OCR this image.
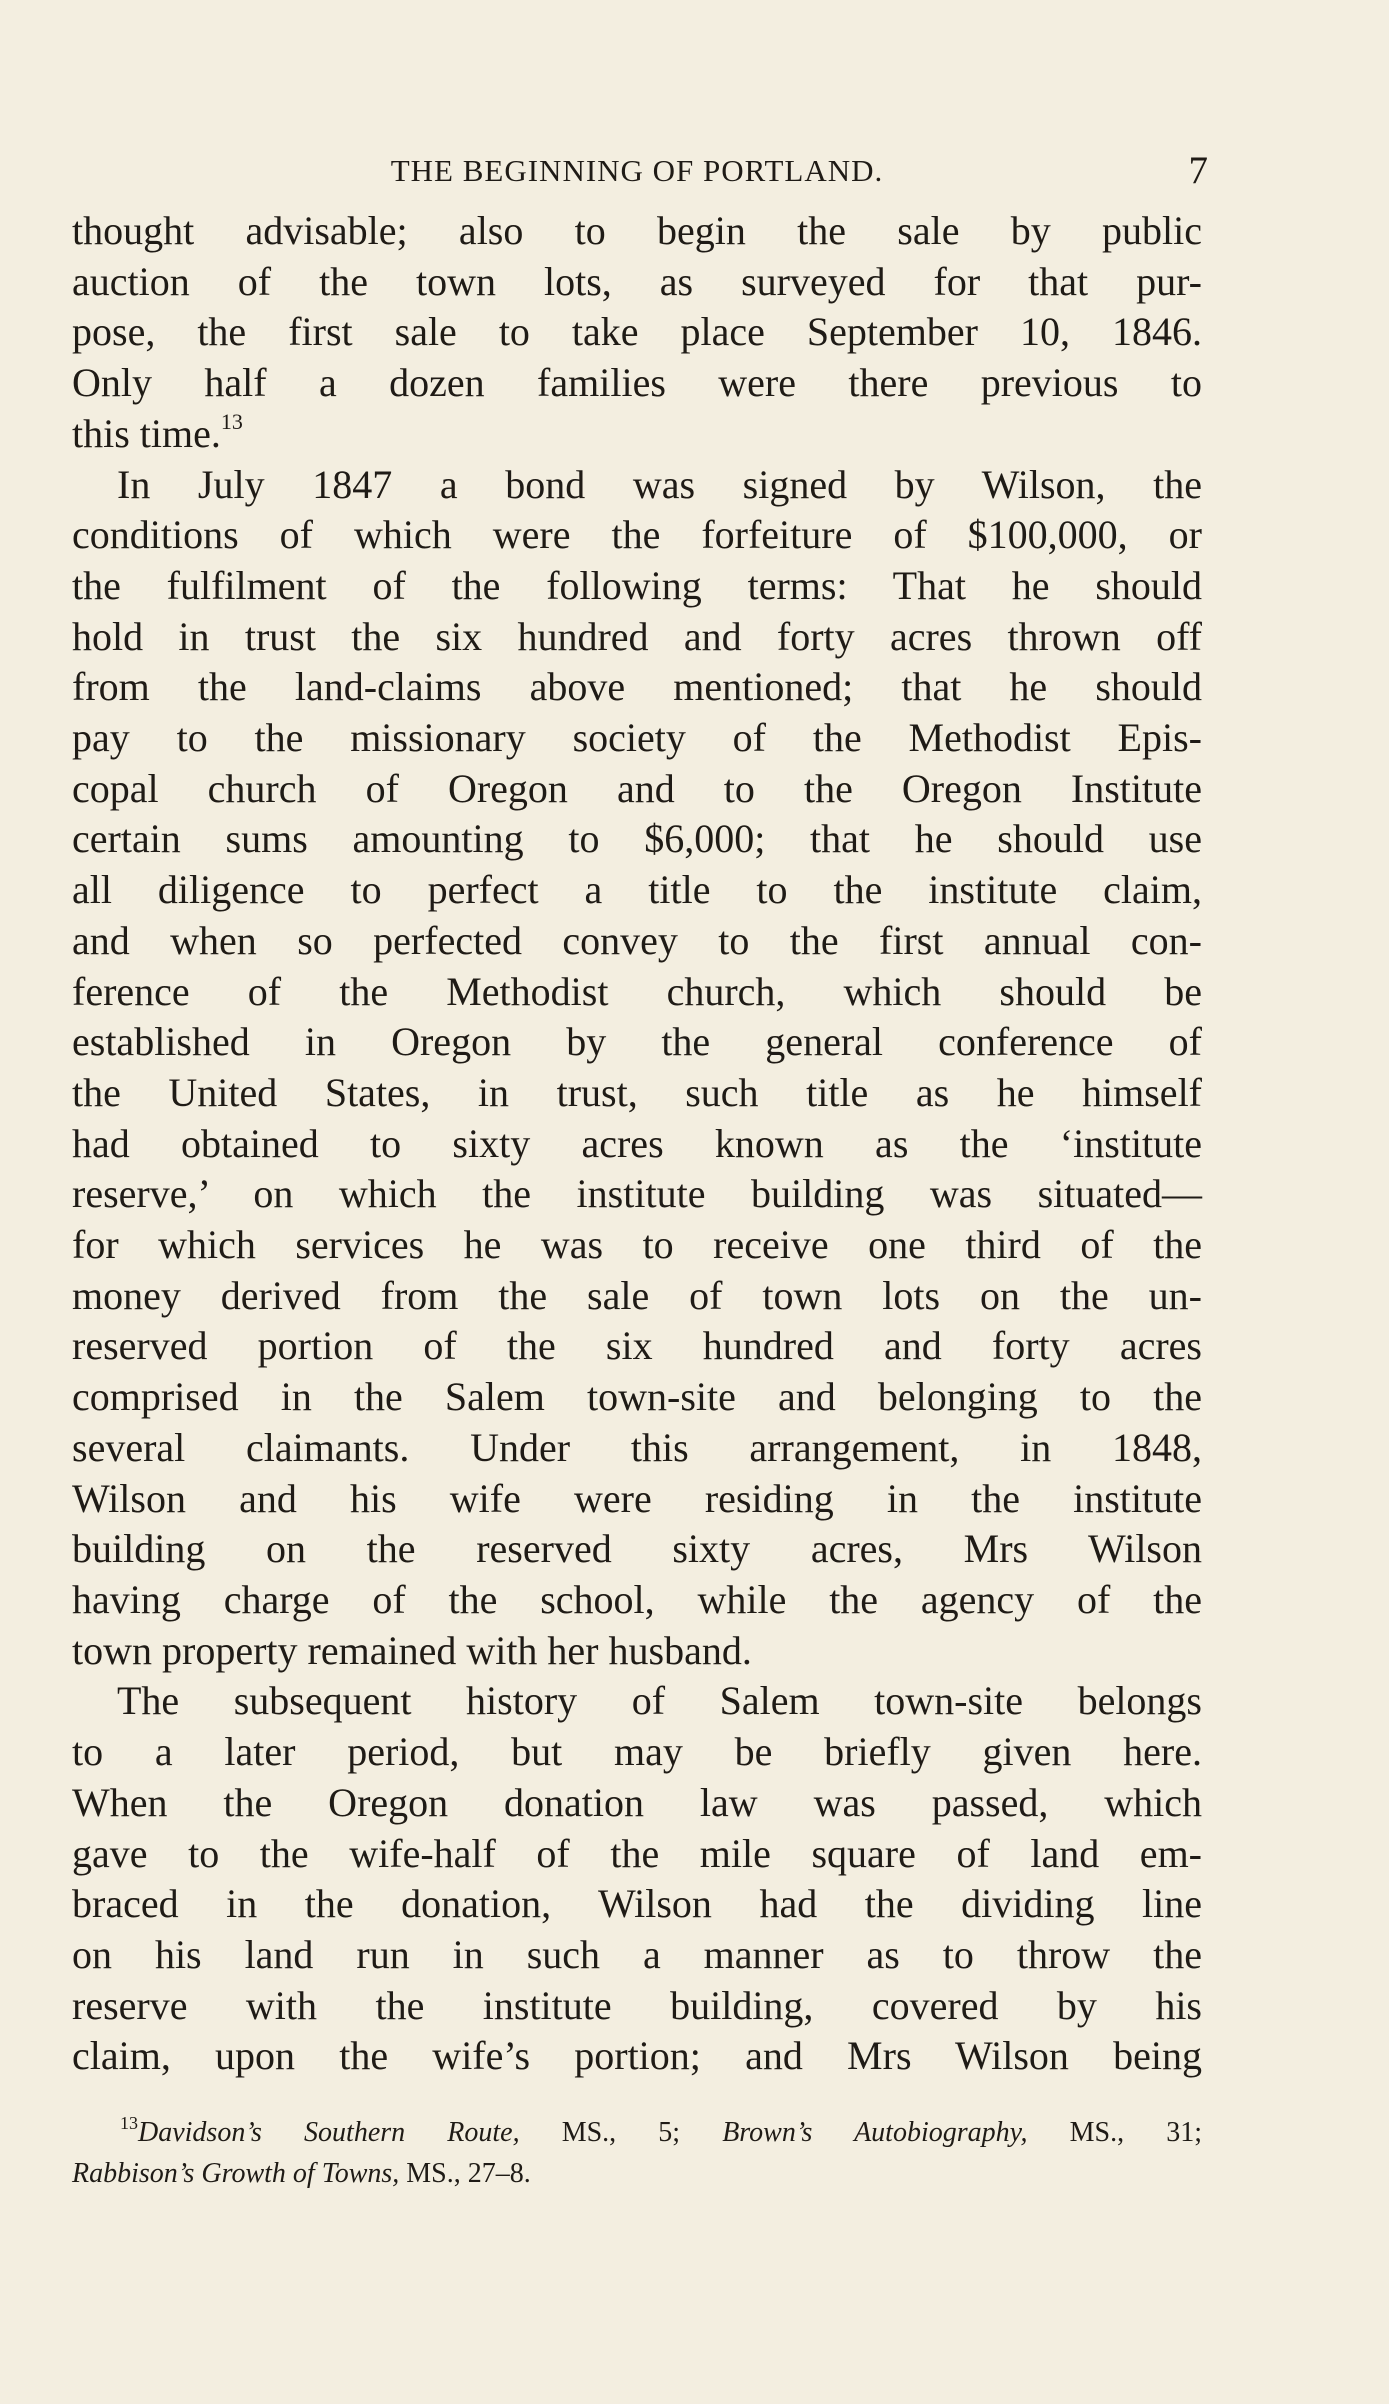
THE BEGINNING OF PORTLAND.	7
thought advisable; also to begin the sale by public
auction of the town lots, as surveyed for that pur-
pose, the first sale to take place September 10, 1846.
Only half a dozen families were there previous to
this time.$^{13}$
In July 1847 a bond was signed by Wilson, the
conditions of which were the forfeiture of $100,000, or
the fulfilment of the following terms: That he should
hold in trust the six hundred and forty acres thrown off
from the land-claims above mentioned; that he should
pay to the missionary society of the Methodist Epis-
copal church of Oregon and to the Oregon Institute
certain sums amounting to $6,000; that he should use
all diligence to perfect a title to the institute claim,
and when so perfected convey to the first annual con-
ference of the Methodist church, which should be
established in Oregon by the general conference of
the United States, in trust, such title as he himself
had obtained to sixty acres known as the ‘institute
reserve,’ on which the institute building was situated—
for which services he was to receive one third of the
money derived from the sale of town lots on the un-
reserved portion of the six hundred and forty acres
comprised in the Salem town-site and belonging to the
several claimants. Under this arrangement, in 1848,
Wilson and his wife were residing in the institute
building on the reserved sixty acres, Mrs Wilson
having charge of the school, while the agency of the
town property remained with her husband.
The subsequent history of Salem town-site belongs
to a later period, but may be briefly given here.
When the Oregon donation law was passed, which
gave to the wife-half of the mile square of land em-
braced in the donation, Wilson had the dividing line
on his land run in such a manner as to throw the
reserve with the institute building, covered by his
claim, upon the wife’s portion; and Mrs Wilson being
$^{13}$Davidson’s Southern Route, MS., 5; Brown’s Autobiography, MS., 31;
Rabbison’s Growth of Towns, MS., 27–8.
